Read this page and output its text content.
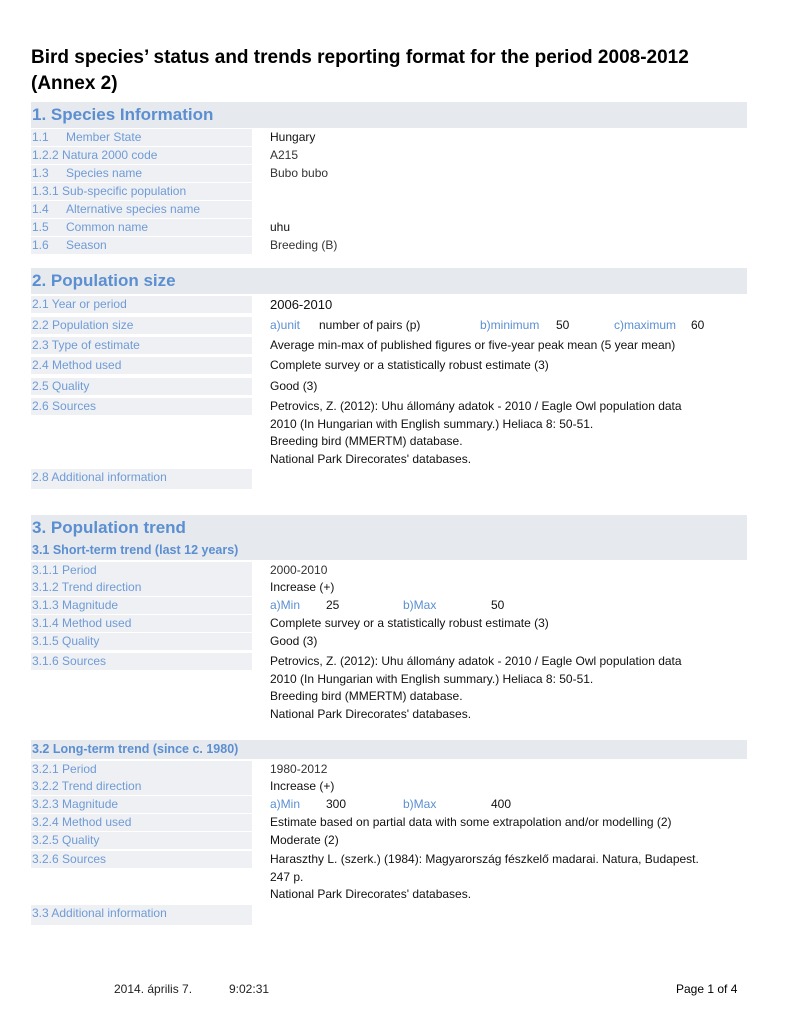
Bird species’ status and trends reporting format for the period 2008-2012
(Annex 2)
1. Species Information
1.1 Member State	Hungary
1.2.2 Natura 2000 code	A215
1.3 Species name	Bubo bubo
1.3.1 Sub-specific population
1.4 Alternative species name
1.5 Common name	uhu
1.6 Season	Breeding (B)
2. Population size
2.1 Year or period	2006-2010
2.2 Population size	a)unit number of pairs (p)	b)minimum 50	c)maximum 60
2.3 Type of estimate	Average min-max of published figures or five-year peak mean (5 year mean)
2.4 Method used	Complete survey or a statistically robust estimate (3)
2.5 Quality	Good (3)
2.6 Sources	Petrovics, Z. (2012): Uhu állomány adatok - 2010 / Eagle Owl population data
2010 (In Hungarian with English summary.) Heliaca 8: 50-51.
Breeding bird (MMERTM) database.
National Park Direcorates' databases.
2.8 Additional information
3. Population trend
3.1 Short-term trend (last 12 years)
3.1.1 Period	2000-2010
3.1.2 Trend direction	Increase (+)
3.1.3 Magnitude	a)Min 25	b)Max	50
3.1.4 Method used	Complete survey or a statistically robust estimate (3)
3.1.5 Quality	Good (3)
3.1.6 Sources	Petrovics, Z. (2012): Uhu állomány adatok - 2010 / Eagle Owl population data
2010 (In Hungarian with English summary.) Heliaca 8: 50-51.
Breeding bird (MMERTM) database.
National Park Direcorates' databases.
3.2 Long-term trend (since c. 1980)
3.2.1 Period	1980-2012
3.2.2 Trend direction	Increase (+)
3.2.3 Magnitude	a)Min 300	b)Max	400
3.2.4 Method used	Estimate based on partial data with some extrapolation and/or modelling (2)
3.2.5 Quality	Moderate (2)
3.2.6 Sources	Haraszthy L. (szerk.) (1984): Magyarország fészkelő madarai. Natura, Budapest.
247 p.
National Park Direcorates' databases.
3.3 Additional information
2014. április 7.	9:02:31	Page 1 of 4
